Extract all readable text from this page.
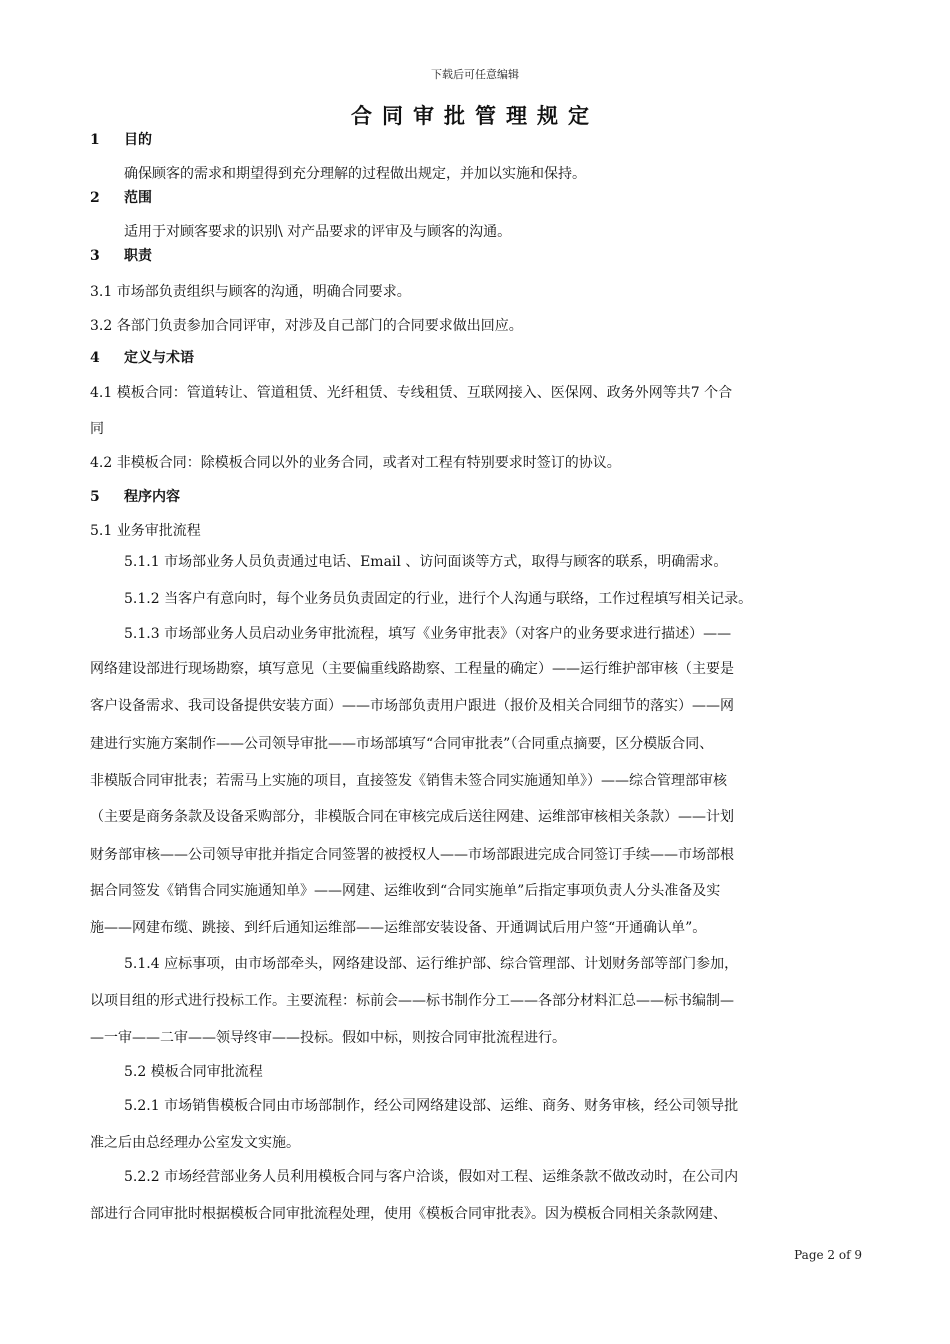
下载后可任意编辑
合同审批管理规定
1 目的
确保顾客的需求和期望得到充分理解的过程做出规定，并加以实施和保持。
2 范围
适用于对顾客要求的识别\ 对产品要求的评审及与顾客的沟通。
3 职责
3.1 市场部负责组织与顾客的沟通，明确合同要求。
3.2 各部门负责参加合同评审，对涉及自己部门的合同要求做出回应。
4 定义与术语
4.1 模板合同：管道转让、管道租赁、光纤租赁、专线租赁、互联网接入、医保网、政务外网等共7 个合
同
4.2 非模板合同：除模板合同以外的业务合同，或者对工程有特别要求时签订的协议。
5 程序内容
5.1 业务审批流程
5.1.1 市场部业务人员负责通过电话、Email 、访问面谈等方式，取得与顾客的联系，明确需求。
5.1.2 当客户有意向时，每个业务员负责固定的行业，进行个人沟通与联络，工作过程填写相关记录。
5.1.3 市场部业务人员启动业务审批流程，填写《业务审批表》（对客户的业务要求进行描述）——
网络建设部进行现场勘察，填写意见（主要偏重线路勘察、工程量的确定）——运行维护部审核（主要是
客户设备需求、我司设备提供安装方面）——市场部负责用户跟进（报价及相关合同细节的落实）——网
建进行实施方案制作——公司领导审批——市场部填写“合同审批表”（合同重点摘要，区分模版合同、
非模版合同审批表；若需马上实施的项目，直接签发《销售未签合同实施通知单》）——综合管理部审核
（主要是商务条款及设备采购部分，非模版合同在审核完成后送往网建、运维部审核相关条款）——计划
财务部审核——公司领导审批并指定合同签署的被授权人——市场部跟进完成合同签订手续——市场部根
据合同签发《销售合同实施通知单》——网建、运维收到“合同实施单”后指定事项负责人分头准备及实
施——网建布缆、跳接、到纤后通知运维部——运维部安装设备、开通调试后用户签“开通确认单”。
5.1.4 应标事项，由市场部牵头，网络建设部、运行维护部、综合管理部、计划财务部等部门参加，
以项目组的形式进行投标工作。主要流程：标前会——标书制作分工——各部分材料汇总——标书编制—
—一审——二审——领导终审——投标。假如中标，则按合同审批流程进行。
5.2 模板合同审批流程
5.2.1 市场销售模板合同由市场部制作，经公司网络建设部、运维、商务、财务审核，经公司领导批
准之后由总经理办公室发文实施。
5.2.2 市场经营部业务人员利用模板合同与客户洽谈，假如对工程、运维条款不做改动时，在公司内
部进行合同审批时根据模板合同审批流程处理，使用《模板合同审批表》。因为模板合同相关条款网建、
Page 2 of 9
